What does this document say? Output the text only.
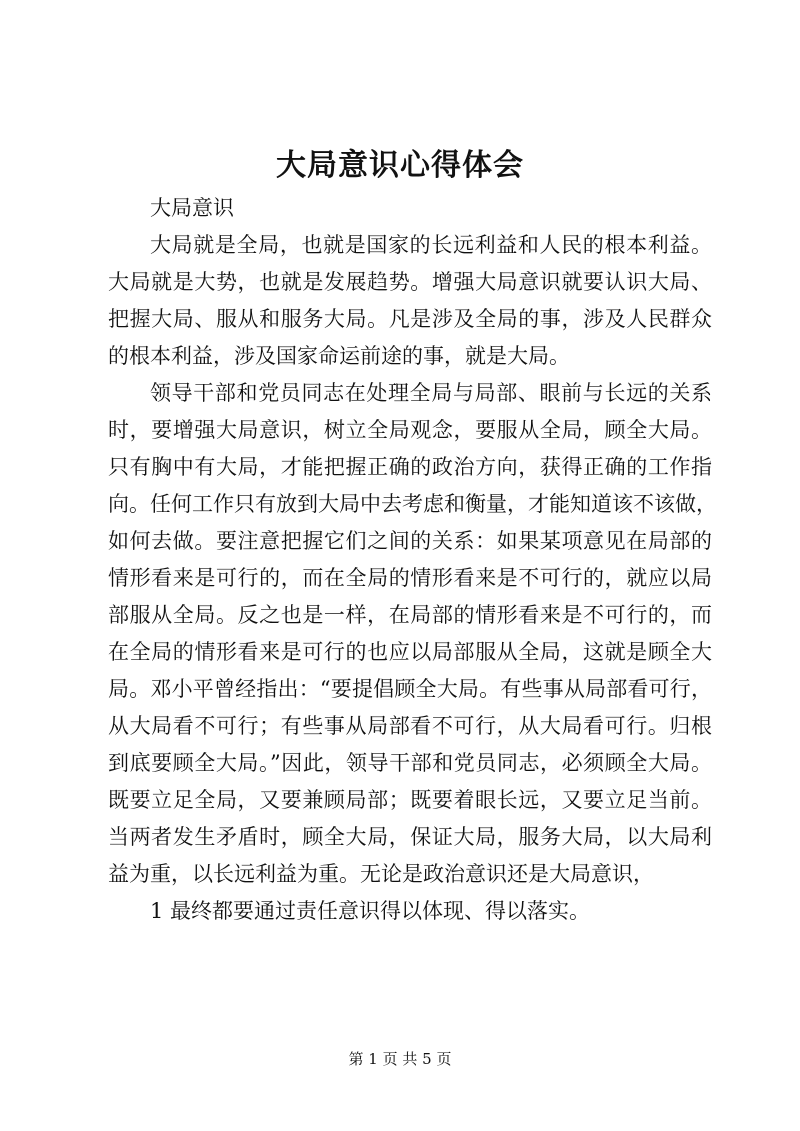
大局意识心得体会
大局意识
大局就是全局，也就是国家的长远利益和人民的根本利益。
大局就是大势，也就是发展趋势。增强大局意识就要认识大局、
把握大局、服从和服务大局。凡是涉及全局的事，涉及人民群众
的根本利益，涉及国家命运前途的事，就是大局。
领导干部和党员同志在处理全局与局部、眼前与长远的关系
时，要增强大局意识，树立全局观念，要服从全局，顾全大局。
只有胸中有大局，才能把握正确的政治方向，获得正确的工作指
向。任何工作只有放到大局中去考虑和衡量，才能知道该不该做，
如何去做。要注意把握它们之间的关系：如果某项意见在局部的
情形看来是可行的，而在全局的情形看来是不可行的，就应以局
部服从全局。反之也是一样，在局部的情形看来是不可行的，而
在全局的情形看来是可行的也应以局部服从全局，这就是顾全大
局。邓小平曾经指出：“要提倡顾全大局。有些事从局部看可行，
从大局看不可行；有些事从局部看不可行，从大局看可行。归根
到底要顾全大局。”因此，领导干部和党员同志，必须顾全大局。
既要立足全局，又要兼顾局部；既要着眼长远，又要立足当前。
当两者发生矛盾时，顾全大局，保证大局，服务大局，以大局利
益为重，以长远利益为重。无论是政治意识还是大局意识，
1 最终都要通过责任意识得以体现、得以落实。
第 1 页 共 5 页
